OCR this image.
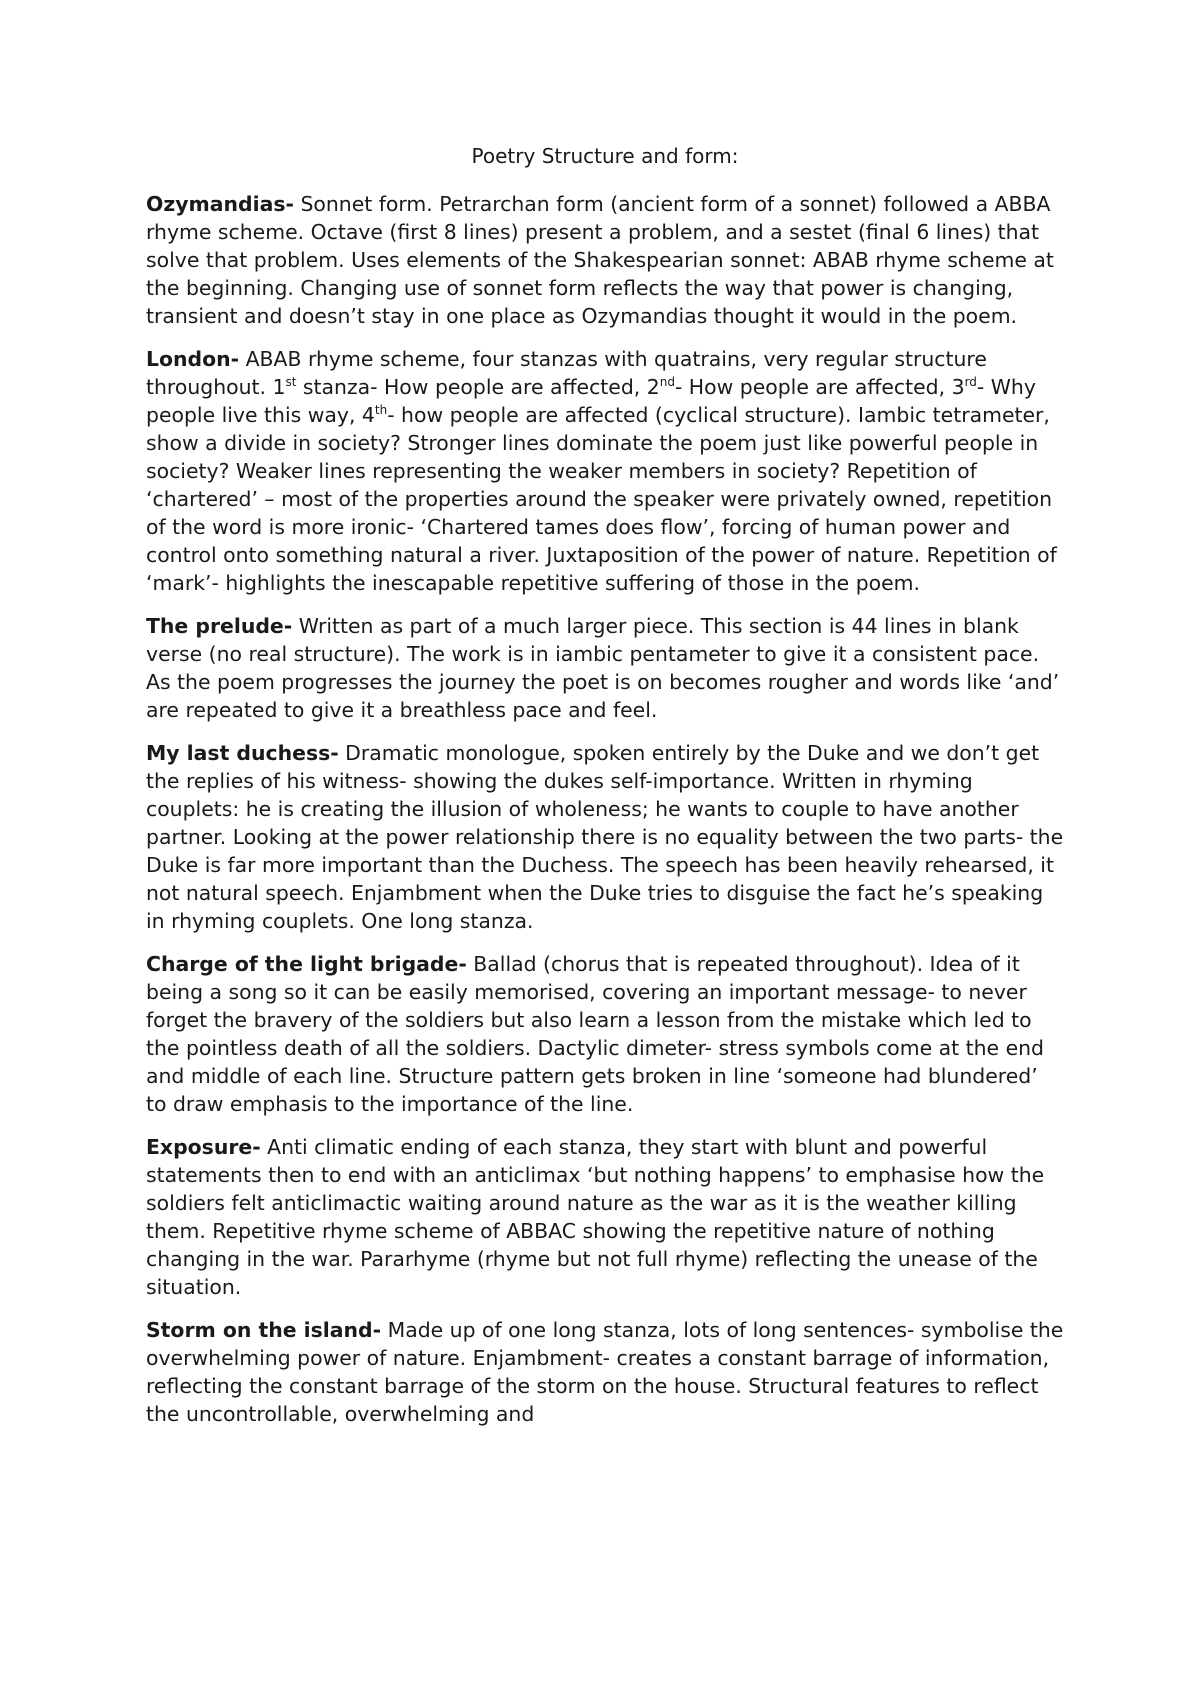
Poetry Structure and form:

Ozymandias- Sonnet form. Petrarchan form (ancient form of a sonnet) followed a ABBA rhyme scheme. Octave (first 8 lines) present a problem, and a sestet (final 6 lines) that solve that problem. Uses elements of the Shakespearian sonnet: ABAB rhyme scheme at the beginning. Changing use of sonnet form reflects the way that power is changing, transient and doesn’t stay in one place as Ozymandias thought it would in the poem.

London- ABAB rhyme scheme, four stanzas with quatrains, very regular structure throughout. 1st stanza- How people are affected, 2nd- How people are affected, 3rd- Why people live this way, 4th- how people are affected (cyclical structure). Iambic tetrameter, show a divide in society? Stronger lines dominate the poem just like powerful people in society? Weaker lines representing the weaker members in society? Repetition of ‘chartered’ – most of the properties around the speaker were privately owned, repetition of the word is more ironic- ‘Chartered tames does flow’, forcing of human power and control onto something natural a river. Juxtaposition of the power of nature. Repetition of ‘mark’- highlights the inescapable repetitive suffering of those in the poem.

The prelude- Written as part of a much larger piece. This section is 44 lines in blank verse (no real structure). The work is in iambic pentameter to give it a consistent pace. As the poem progresses the journey the poet is on becomes rougher and words like ‘and’ are repeated to give it a breathless pace and feel.

My last duchess- Dramatic monologue, spoken entirely by the Duke and we don’t get the replies of his witness- showing the dukes self-importance. Written in rhyming couplets: he is creating the illusion of wholeness; he wants to couple to have another partner. Looking at the power relationship there is no equality between the two parts- the Duke is far more important than the Duchess. The speech has been heavily rehearsed, it not natural speech. Enjambment when the Duke tries to disguise the fact he’s speaking in rhyming couplets. One long stanza.

Charge of the light brigade- Ballad (chorus that is repeated throughout). Idea of it being a song so it can be easily memorised, covering an important message- to never forget the bravery of the soldiers but also learn a lesson from the mistake which led to the pointless death of all the soldiers. Dactylic dimeter- stress symbols come at the end and middle of each line. Structure pattern gets broken in line ‘someone had blundered’ to draw emphasis to the importance of the line.

Exposure- Anti climatic ending of each stanza, they start with blunt and powerful statements then to end with an anticlimax ‘but nothing happens’ to emphasise how the soldiers felt anticlimactic waiting around nature as the war as it is the weather killing them. Repetitive rhyme scheme of ABBAC showing the repetitive nature of nothing changing in the war. Pararhyme (rhyme but not full rhyme) reflecting the unease of the situation.

Storm on the island- Made up of one long stanza, lots of long sentences- symbolise the overwhelming power of nature. Enjambment- creates a constant barrage of information, reflecting the constant barrage of the storm on the house. Structural features to reflect the uncontrollable, overwhelming and
